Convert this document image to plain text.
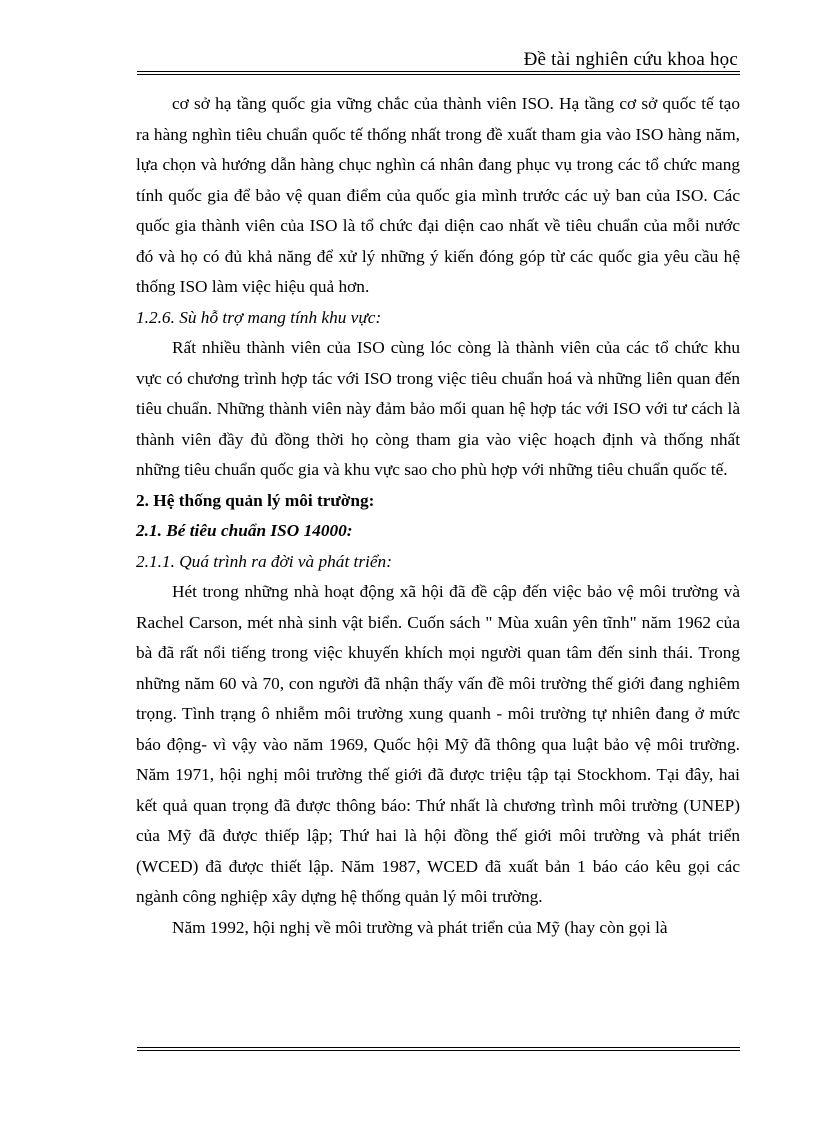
Đề tài nghiên cứu khoa học

cơ sở hạ tầng quốc gia vững chắc của thành viên ISO. Hạ tầng cơ sở quốc tế tạo ra hàng nghìn tiêu chuẩn quốc tế thống nhất trong đề xuất tham gia vào ISO hàng năm, lựa chọn và hướng dẫn hàng chục nghìn cá nhân đang phục vụ trong các tổ chức mang tính quốc gia để bảo vệ quan điểm của quốc gia mình trước các uỷ ban của ISO. Các quốc gia thành viên của ISO là tổ chức đại diện cao nhất về tiêu chuẩn của mỗi nước đó và họ có đủ khả năng để xử lý những ý kiến đóng góp từ các quốc gia yêu cầu hệ thống ISO làm việc hiệu quả hơn.

1.2.6. Sù hỗ trợ mang tính khu vực:

Rất nhiều thành viên của ISO cùng lóc còng là thành viên của các tổ chức khu vực có chương trình hợp tác với ISO trong việc tiêu chuẩn hoá và những liên quan đến tiêu chuẩn. Những thành viên này đảm bảo mối quan hệ hợp tác với ISO với tư cách là thành viên đầy đủ đồng thời họ còng tham gia vào việc hoạch định và thống nhất những tiêu chuẩn quốc gia và khu vực sao cho phù hợp với những tiêu chuẩn quốc tế.

2. Hệ thống quản lý môi trường:

2.1. Bé tiêu chuẩn ISO 14000:

2.1.1. Quá trình ra đời và phát triển:

Hét trong những nhà hoạt động xã hội đã đề cập đến việc bảo vệ môi trường và Rachel Carson, mét nhà sinh vật biển. Cuốn sách " Mùa xuân yên tĩnh" năm 1962 của bà đã rất nổi tiếng trong việc khuyến khích mọi người quan tâm đến sinh thái. Trong những năm 60 và 70, con người đã nhận thấy vấn đề môi trường thế giới đang nghiêm trọng. Tình trạng ô nhiễm môi trường xung quanh - môi trường tự nhiên đang ở mức báo động- vì vậy vào năm 1969, Quốc hội Mỹ đã thông qua luật bảo vệ môi trường. Năm 1971, hội nghị môi trường thế giới đã được triệu tập tại Stockhom. Tại đây, hai kết quả quan trọng đã được thông báo: Thứ nhất là chương trình môi trường (UNEP) của Mỹ đã được thiếp lập; Thứ hai là hội đồng thế giới môi trường và phát triển (WCED) đã được thiết lập. Năm 1987, WCED đã xuất bản 1 báo cáo kêu gọi các ngành công nghiệp xây dựng hệ thống quản lý môi trường.

Năm 1992, hội nghị về môi trường và phát triển của Mỹ (hay còn gọi là
